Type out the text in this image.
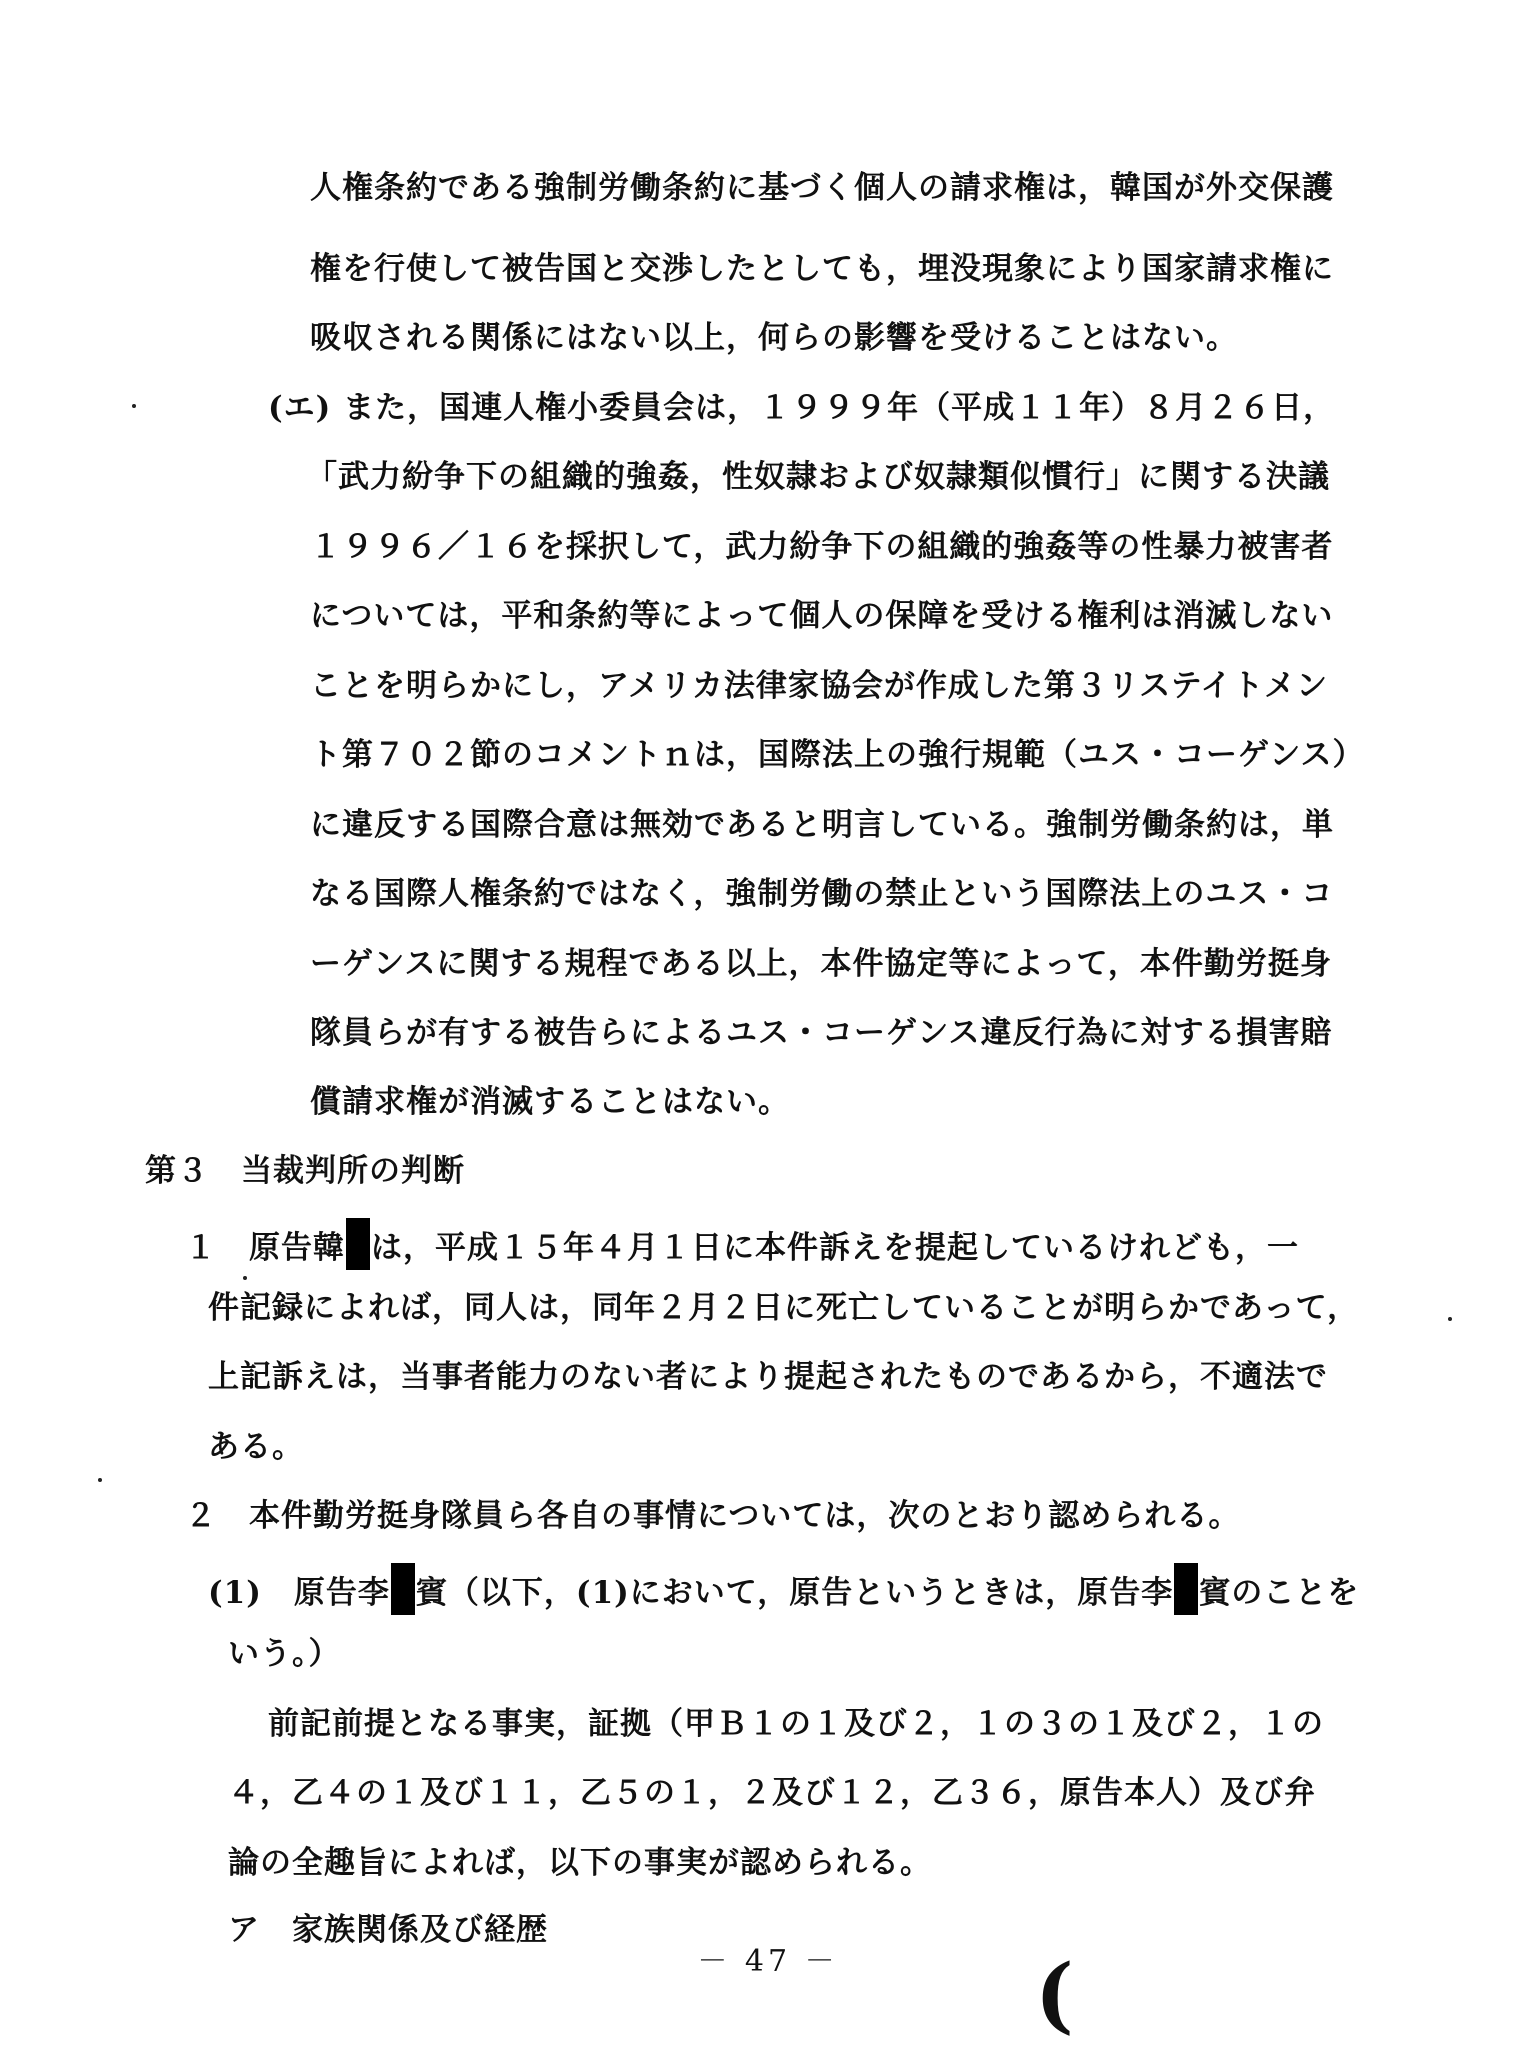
人権条約である強制労働条約に基づく個人の請求権は，韓国が外交保護

権を行使して被告国と交渉したとしても，埋没現象により国家請求権に

吸収される関係にはない以上，何らの影響を受けることはない。

(エ) また，国連人権小委員会は，１９９９年（平成１１年）８月２６日，

「武力紛争下の組織的強姦，性奴隷および奴隷類似慣行」に関する決議

１９９６／１６を採択して，武力紛争下の組織的強姦等の性暴力被害者

については，平和条約等によって個人の保障を受ける権利は消滅しない

ことを明らかにし，アメリカ法律家協会が作成した第３リステイトメン

ト第７０２節のコメントｎは，国際法上の強行規範（ユス・コーゲンス）

に違反する国際合意は無効であると明言している。強制労働条約は，単

なる国際人権条約ではなく，強制労働の禁止という国際法上のユス・コ

ーゲンスに関する規程である以上，本件協定等によって，本件勤労挺身

隊員らが有する被告らによるユス・コーゲンス違反行為に対する損害賠

償請求権が消滅することはない。

第３　当裁判所の判断

１　原告韓 は，平成１５年４月１日に本件訴えを提起しているけれども，一

件記録によれば，同人は，同年２月２日に死亡していることが明らかであって，

上記訴えは，当事者能力のない者により提起されたものであるから，不適法で

ある。

２　本件勤労挺身隊員ら各自の事情については，次のとおり認められる。

(1)　原告李 賓（以下，(1)において，原告というときは，原告李 賓のことを

いう。）

前記前提となる事実，証拠（甲Ｂ１の１及び２，１の３の１及び２，１の

４，乙４の１及び１１，乙５の１，２及び１２，乙３６，原告本人）及び弁

論の全趣旨によれば，以下の事実が認められる。

ア　家族関係及び経歴

－ 47 －	(
